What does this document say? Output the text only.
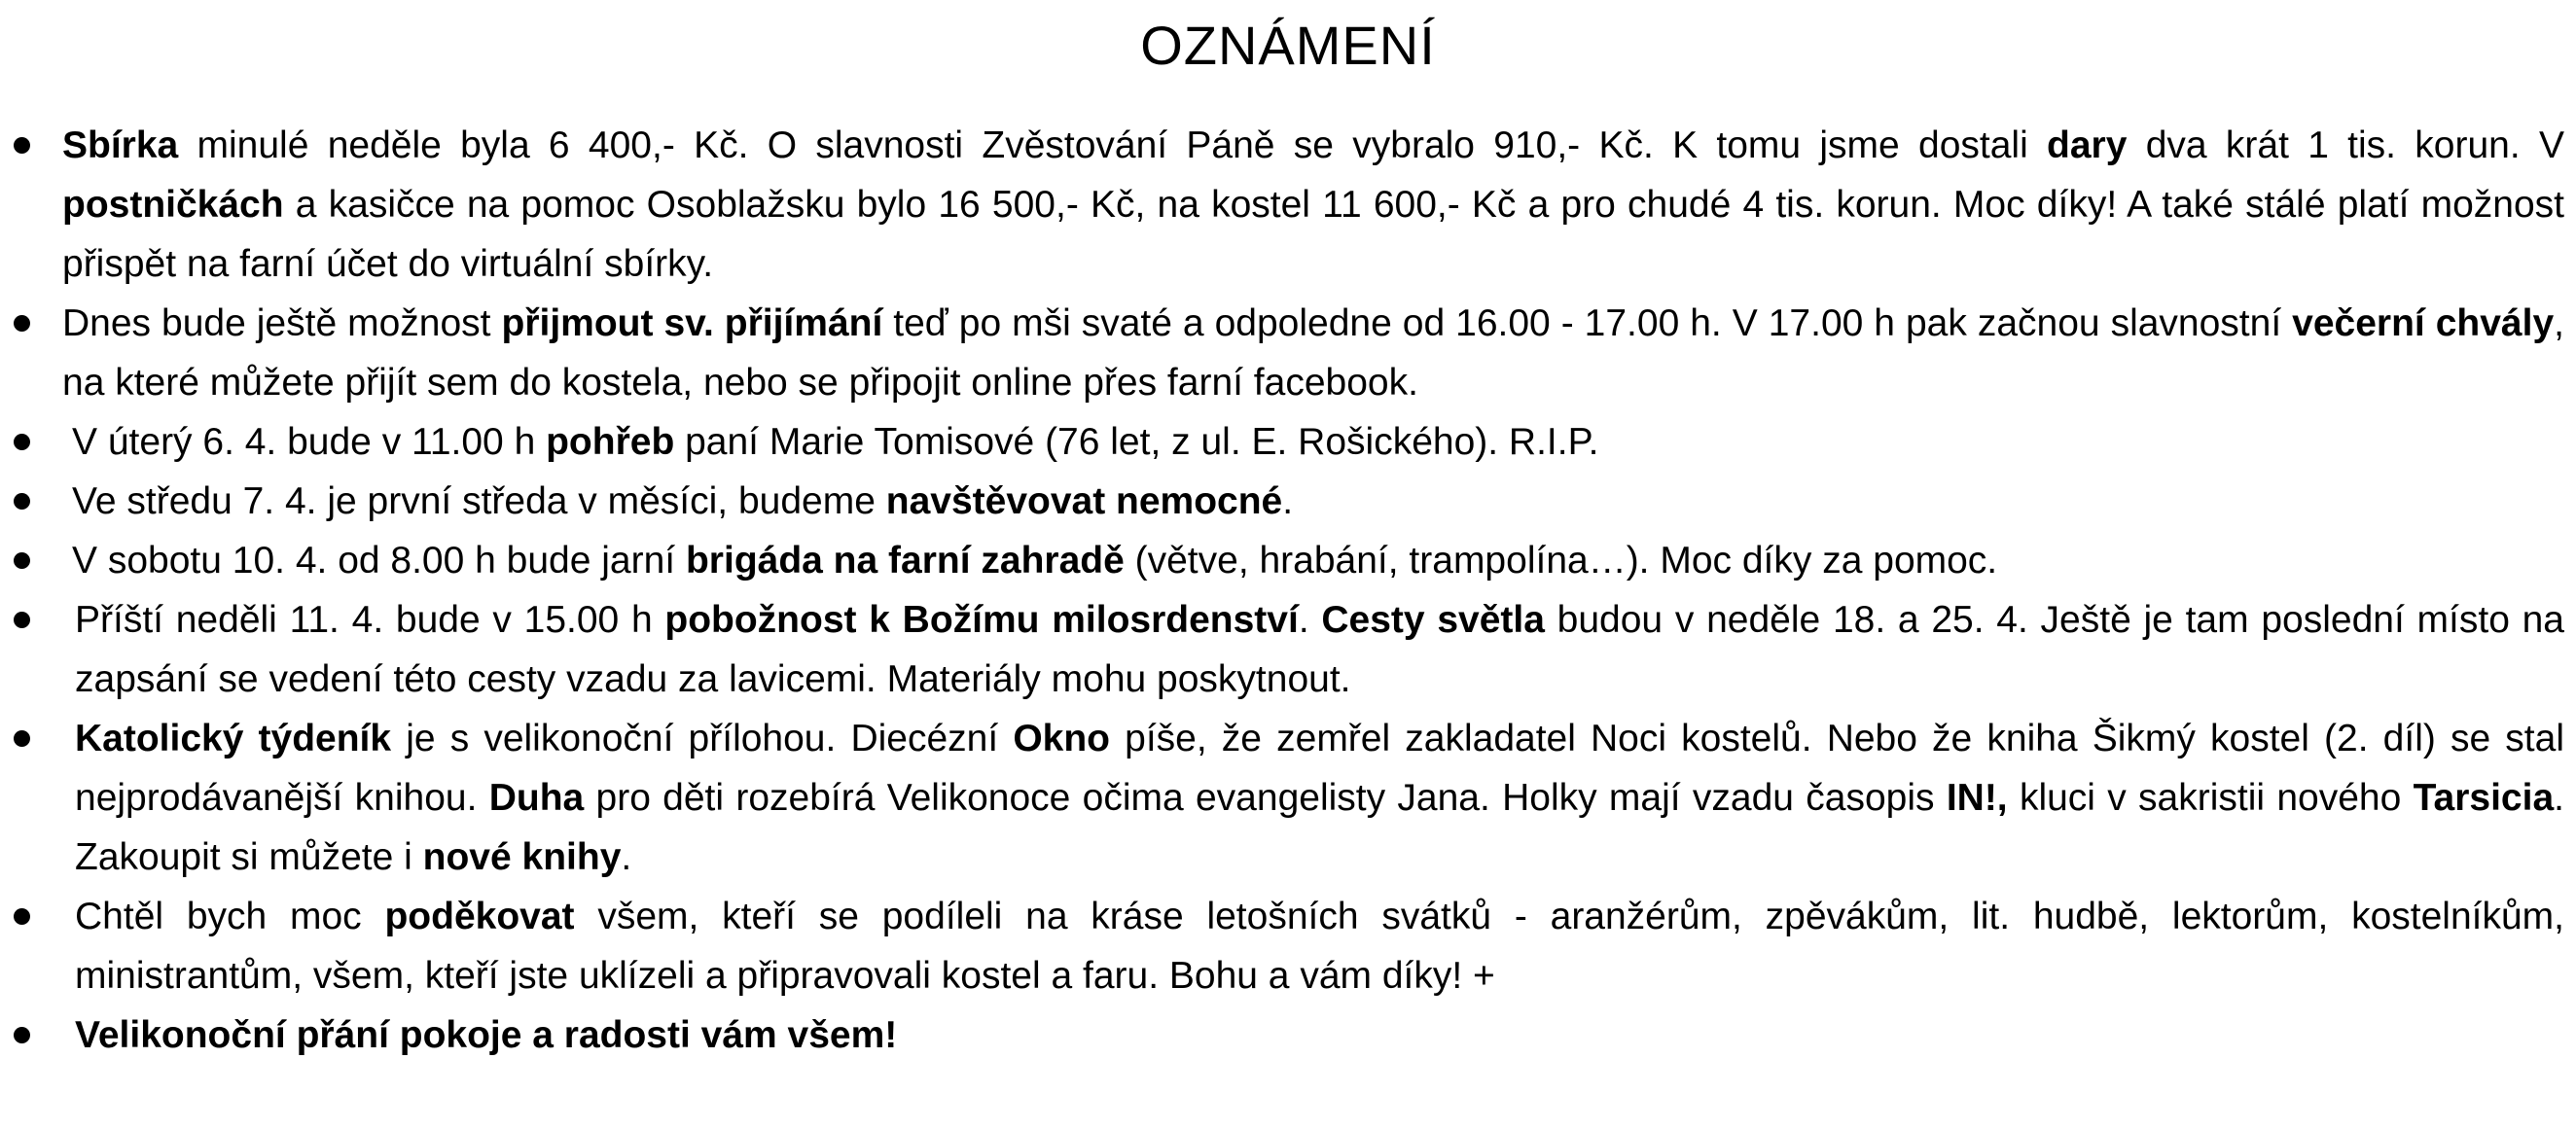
OZNÁMENÍ
Sbírka minulé neděle byla 6 400,- Kč. O slavnosti Zvěstování Páně se vybralo 910,- Kč. K tomu jsme dostali dary dva krát 1 tis. korun. V postničkách a kasičce na pomoc Osoblažsku bylo 16 500,- Kč, na kostel 11 600,- Kč a pro chudé 4 tis. korun. Moc díky! A také stálé platí možnost přispět na farní účet do virtuální sbírky.
Dnes bude ještě možnost přijmout sv. přijímání teď po mši svaté a odpoledne od 16.00 - 17.00 h. V 17.00 h pak začnou slavnostní večerní chvály, na které můžete přijít sem do kostela, nebo se připojit online přes farní facebook.
V úterý 6. 4. bude v 11.00 h pohřeb paní Marie Tomisové (76 let, z ul. E. Rošického). R.I.P.
Ve středu 7. 4. je první středa v měsíci, budeme navštěvovat nemocné.
V sobotu 10. 4. od 8.00 h bude jarní brigáda na farní zahradě (větve, hrabání, trampolína…). Moc díky za pomoc.
Příští neděli 11. 4. bude v 15.00 h pobožnost k Božímu milosrdenství. Cesty světla budou v neděle 18. a 25. 4. Ještě je tam poslední místo na zapsání se vedení této cesty vzadu za lavicemi. Materiály mohu poskytnout.
Katolický týdeník je s velikonoční přílohou. Diecézní Okno píše, že zemřel zakladatel Noci kostelů. Nebo že kniha Šikmý kostel (2. díl) se stal nejprodávanější knihou. Duha pro děti rozebírá Velikonoce očima evangelisty Jana. Holky mají vzadu časopis IN!, kluci v sakristii nového Tarsicia. Zakoupit si můžete i nové knihy.
Chtěl bych moc poděkovat všem, kteří se podíleli na kráse letošních svátků - aranžérům, zpěvákům, lit. hudbě, lektorům, kostelníkům, ministrantům, všem, kteří jste uklízeli a připravovali kostel a faru. Bohu a vám díky! +
Velikonoční přání pokoje a radosti vám všem!
